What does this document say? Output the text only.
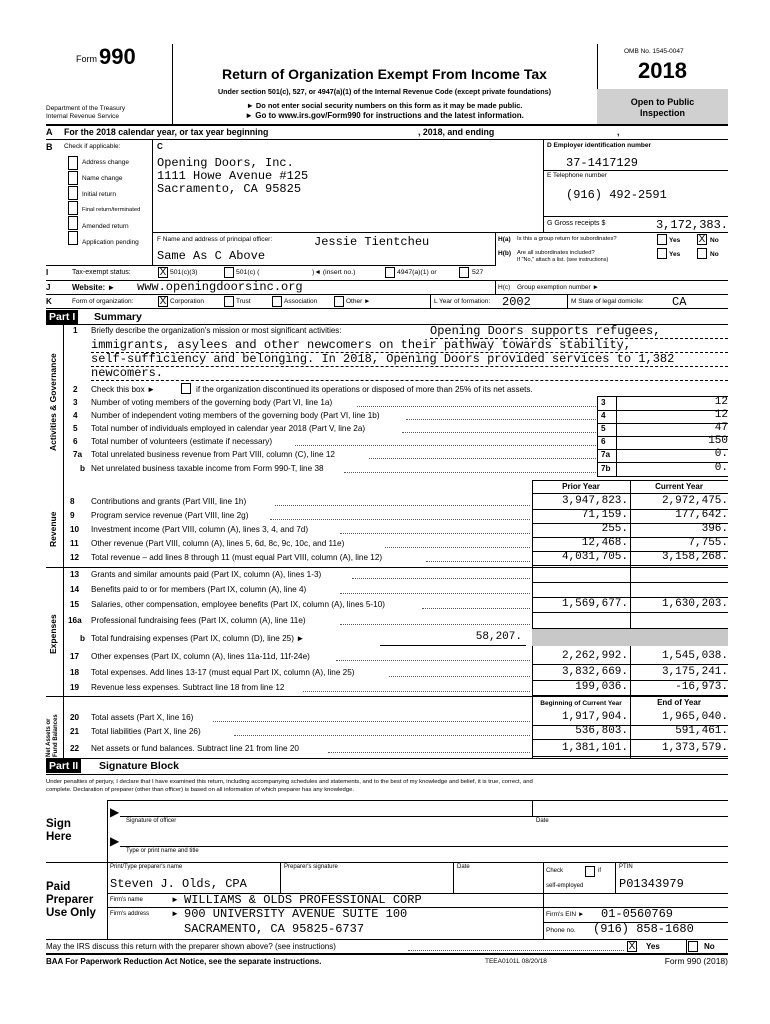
Form 990
Department of the Treasury
Internal Revenue Service
Return of Organization Exempt From Income Tax
Under section 501(c), 527, or 4947(a)(1) of the Internal Revenue Code (except private foundations)
► Do not enter social security numbers on this form as it may be made public.
► Go to www.irs.gov/Form990 for instructions and the latest information.
OMB No. 1545-0047
2018
Open to Public
Inspection
A For the 2018 calendar year, or tax year beginning	, 2018, and ending	,
B Check if applicable:
Address change
Name change
Initial return
Final return/terminated
Amended return
Application pending
C
Opening Doors, Inc.
1111 Howe Avenue #125
Sacramento, CA 95825
D Employer identification number
37-1417129
E Telephone number
(916) 492-2591
G Gross receipts $	3,172,383.
F Name and address of principal officer:	Jessie Tientcheu
Same As C Above
H(a) Is this a group return for subordinates?	Yes X No
H(b) Are all subordinates included?
If "No," attach a list. (see instructions)
Yes	No
I	Tax-exempt status:	X 501(c)(3)	501(c) (	)◄ (insert no.)	4947(a)(1) or	527
J	Website: ► www.openingdoorsinc.org	H(c) Group exemption number ►
K	Form of organization:	X Corporation	Trust	Association	Other ►	L Year of formation: 2002	M State of legal domicile: CA
Part I Summary
Activities & Governance
Revenue
Expenses
Net Assets or Fund Balances
1 Briefly describe the organization's mission or most significant activities:	Opening Doors supports refugees,
immigrants, asylees and other newcomers on their pathway towards stability,
self-sufficiency and belonging. In 2018, Opening Doors provided services to 1,382
newcomers.
2 Check this box ►	if the organization discontinued its operations or disposed of more than 25% of its net assets.
3 Number of voting members of the governing body (Part VI, line 1a)	3	12
4 Number of independent voting members of the governing body (Part VI, line 1b)	4	12
5 Total number of individuals employed in calendar year 2018 (Part V, line 2a)	5	47
6 Total number of volunteers (estimate if necessary)	6	150
7a Total unrelated business revenue from Part VIII, column (C), line 12	7a	0.
b Net unrelated business taxable income from Form 990-T, line 38	7b	0.
Prior Year	Current Year
8 Contributions and grants (Part VIII, line 1h)	3,947,823.	2,972,475.
9 Program service revenue (Part VIII, line 2g)	71,159.	177,642.
10 Investment income (Part VIII, column (A), lines 3, 4, and 7d)	255.	396.
11 Other revenue (Part VIII, column (A), lines 5, 6d, 8c, 9c, 10c, and 11e)	12,468.	7,755.
12 Total revenue – add lines 8 through 11 (must equal Part VIII, column (A), line 12)	4,031,705.	3,158,268.
13 Grants and similar amounts paid (Part IX, column (A), lines 1-3)
14 Benefits paid to or for members (Part IX, column (A), line 4)
15 Salaries, other compensation, employee benefits (Part IX, column (A), lines 5-10)	1,569,677.	1,630,203.
16a Professional fundraising fees (Part IX, column (A), line 11e)
17 Other expenses (Part IX, column (A), lines 11a-11d, 11f-24e)	2,262,992.	1,545,038.
18 Total expenses. Add lines 13-17 (must equal Part IX, column (A), line 25)	3,832,669.	3,175,241.
19 Revenue less expenses. Subtract line 18 from line 12	199,036.	-16,973.
20 Total assets (Part X, line 16)	1,917,904.	1,965,040.
21 Total liabilities (Part X, line 26)	536,803.	591,461.
22 Net assets or fund balances. Subtract line 21 from line 20	1,381,101.	1,373,579.
b Total fundraising expenses (Part IX, column (D), line 25) ►	58,207.
Beginning of Current Year	End of Year
Part II Signature Block
Under penalties of perjury, I declare that I have examined this return, including accompanying schedules and statements, and to the best of my knowledge and belief, it is true, correct, and
complete. Declaration of preparer (other than officer) is based on all information of which preparer has any knowledge.
▶
Signature of officer	Date
Sign
Here	▶
Type or print name and title
Paid
Preparer
Use Only
Print/Type preparer's name	Preparer's signature	Date
Check	if
self-employed
PTIN
Steven J. Olds, CPA	P01343979
Firm's name	► WILLIAMS & OLDS PROFESSIONAL CORP
Firm's EIN ► 01-0560769
Firm's address	► 900 UNIVERSITY AVENUE SUITE 100
SACRAMENTO, CA 95825-6737	Phone no. (916) 858-1680
May the IRS discuss this return with the preparer shown above? (see instructions)	X Yes	No
BAA For Paperwork Reduction Act Notice, see the separate instructions.	TEEA0101L 08/20/18	Form 990 (2018)
